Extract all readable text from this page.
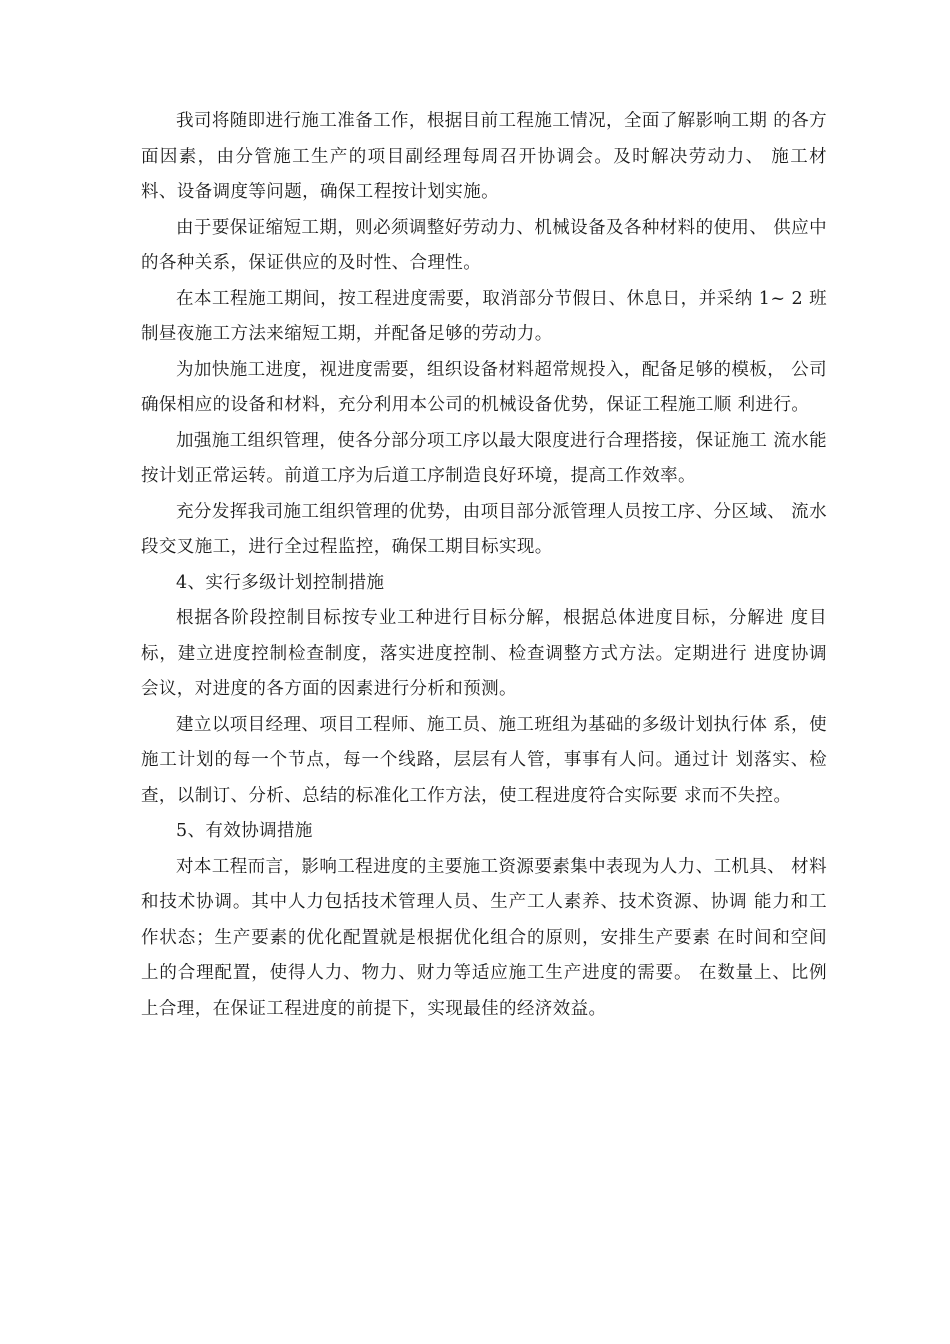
我司将随即进行施工准备工作，根据目前工程施工情况，全面了解影响工期 的各方面因素，由分管施工生产的项目副经理每周召开协调会。及时解决劳动力、 施工材料、设备调度等问题，确保工程按计划实施。

由于要保证缩短工期，则必须调整好劳动力、机械设备及各种材料的使用、 供应中的各种关系，保证供应的及时性、合理性。

在本工程施工期间，按工程进度需要，取消部分节假日、休息日，并采纳 1~ 2 班制昼夜施工方法来缩短工期，并配备足够的劳动力。

为加快施工进度，视进度需要，组织设备材料超常规投入，配备足够的模板， 公司确保相应的设备和材料，充分利用本公司的机械设备优势，保证工程施工顺 利进行。

加强施工组织管理，使各分部分项工序以最大限度进行合理搭接，保证施工 流水能按计划正常运转。前道工序为后道工序制造良好环境，提高工作效率。

充分发挥我司施工组织管理的优势，由项目部分派管理人员按工序、分区域、 流水段交叉施工，进行全过程监控，确保工期目标实现。

4、实行多级计划控制措施

根据各阶段控制目标按专业工种进行目标分解，根据总体进度目标，分解进 度目标，建立进度控制检查制度，落实进度控制、检查调整方式方法。定期进行 进度协调会议，对进度的各方面的因素进行分析和预测。

建立以项目经理、项目工程师、施工员、施工班组为基础的多级计划执行体 系，使施工计划的每一个节点，每一个线路，层层有人管，事事有人问。通过计 划落实、检查，以制订、分析、总结的标准化工作方法，使工程进度符合实际要 求而不失控。

5、有效协调措施

对本工程而言，影响工程进度的主要施工资源要素集中表现为人力、工机具、 材料和技术协调。其中人力包括技术管理人员、生产工人素养、技术资源、协调 能力和工作状态；生产要素的优化配置就是根据优化组合的原则，安排生产要素 在时间和空间上的合理配置，使得人力、物力、财力等适应施工生产进度的需要。 在数量上、比例上合理，在保证工程进度的前提下，实现最佳的经济效益。
